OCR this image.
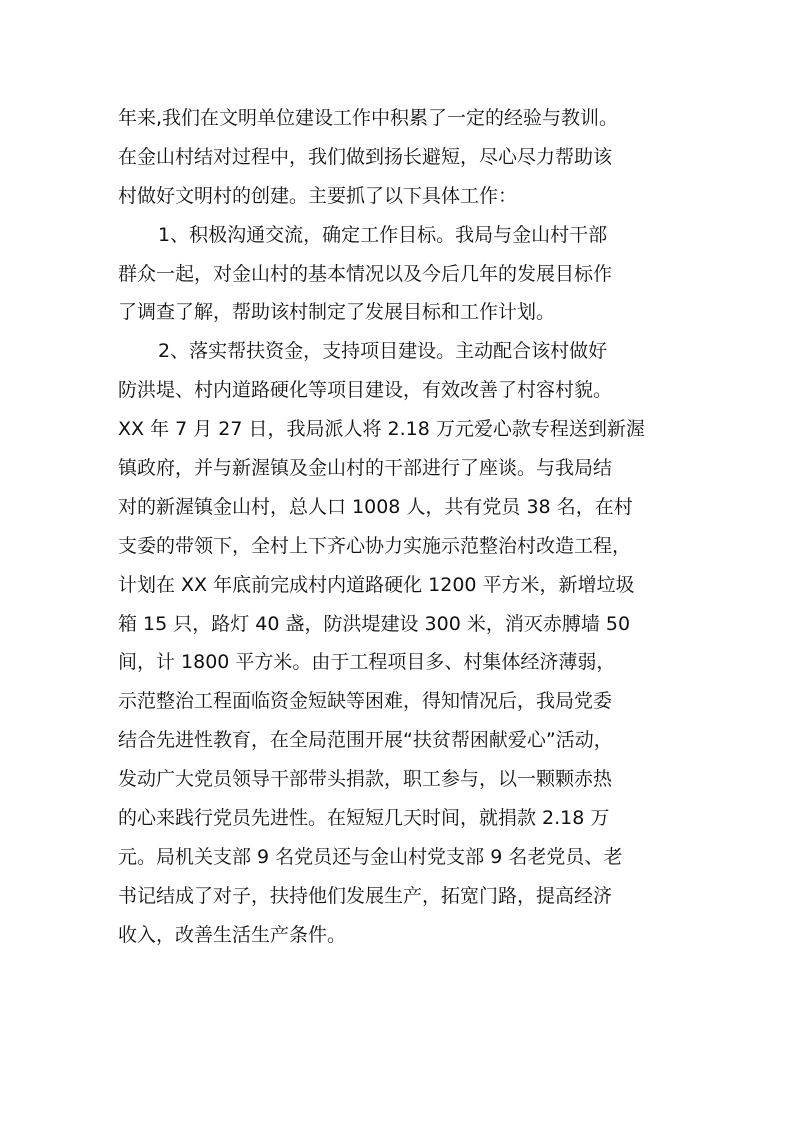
年来,我们在文明单位建设工作中积累了一定的经验与教训。
在金山村结对过程中，我们做到扬长避短，尽心尽力帮助该
村做好文明村的创建。主要抓了以下具体工作：
1、积极沟通交流，确定工作目标。我局与金山村干部
群众一起，对金山村的基本情况以及今后几年的发展目标作
了调查了解，帮助该村制定了发展目标和工作计划。
2、落实帮扶资金，支持项目建设。主动配合该村做好
防洪堤、村内道路硬化等项目建设，有效改善了村容村貌。
XX 年 7 月 27 日，我局派人将 2.18 万元爱心款专程送到新渥
镇政府，并与新渥镇及金山村的干部进行了座谈。与我局结
对的新渥镇金山村，总人口 1008 人，共有党员 38 名，在村
支委的带领下，全村上下齐心协力实施示范整治村改造工程，
计划在 XX 年底前完成村内道路硬化 1200 平方米，新增垃圾
箱 15 只，路灯 40 盏，防洪堤建设 300 米，消灭赤膊墙 50
间，计 1800 平方米。由于工程项目多、村集体经济薄弱，
示范整治工程面临资金短缺等困难，得知情况后，我局党委
结合先进性教育，在全局范围开展“扶贫帮困献爱心”活动，
发动广大党员领导干部带头捐款，职工参与，以一颗颗赤热
的心来践行党员先进性。在短短几天时间，就捐款 2.18 万
元。局机关支部 9 名党员还与金山村党支部 9 名老党员、老
书记结成了对子，扶持他们发展生产，拓宽门路，提高经济
收入，改善生活生产条件。
